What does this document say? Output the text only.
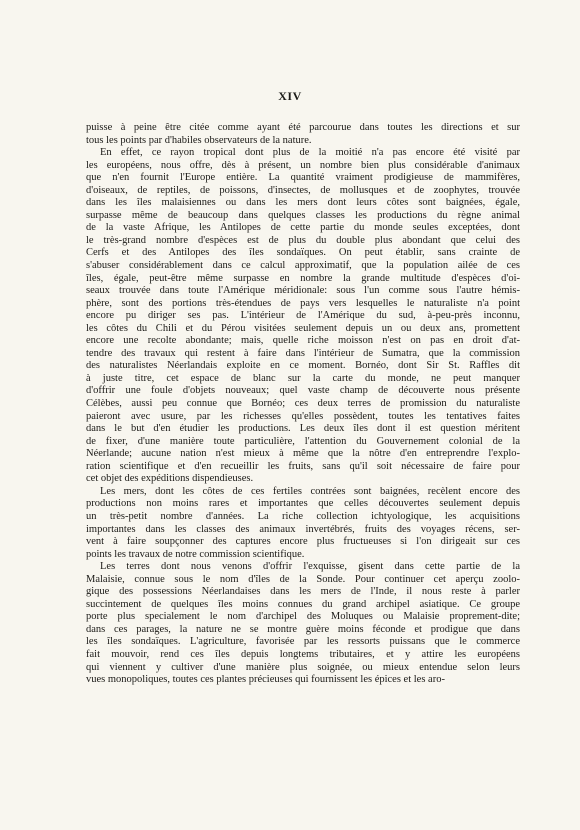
XIV
puisse à peine être citée comme ayant été parcourue dans toutes les directions et sur
tous les points par d'habiles observateurs de la nature.
En effet, ce rayon tropical dont plus de la moitié n'a pas encore été visité par
les européens, nous offre, dès à présent, un nombre bien plus considérable d'animaux
que n'en fournit l'Europe entière. La quantité vraiment prodigieuse de mammifères,
d'oiseaux, de reptiles, de poissons, d'insectes, de mollusques et de zoophytes, trouvée
dans les îles malaisiennes ou dans les mers dont leurs côtes sont baignées, égale,
surpasse même de beaucoup dans quelques classes les productions du règne animal
de la vaste Afrique, les Antilopes de cette partie du monde seules exceptées, dont
le très-grand nombre d'espèces est de plus du double plus abondant que celui des
Cerfs et des Antilopes des îles sondaïques. On peut établir, sans crainte de
s'abuser considérablement dans ce calcul approximatif, que la population ailée de ces
îles, égale, peut-être même surpasse en nombre la grande multitude d'espèces d'oi-
seaux trouvée dans toute l'Amérique méridionale: sous l'un comme sous l'autre hémis-
phère, sont des portions très-étendues de pays vers lesquelles le naturaliste n'a point
encore pu diriger ses pas. L'intérieur de l'Amérique du sud, à-peu-près inconnu,
les côtes du Chili et du Pérou visitées seulement depuis un ou deux ans, promettent
encore une recolte abondante; mais, quelle riche moisson n'est on pas en droit d'at-
tendre des travaux qui restent à faire dans l'intérieur de Sumatra, que la commission
des naturalistes Néerlandais exploite en ce moment. Bornéo, dont Sir St. Raffles dit
à juste titre, cet espace de blanc sur la carte du monde, ne peut manquer
d'offrir une foule d'objets nouveaux; quel vaste champ de découverte nous présente
Célèbes, aussi peu connue que Bornéo; ces deux terres de promission du naturaliste
paieront avec usure, par les richesses qu'elles possèdent, toutes les tentatives faites
dans le but d'en étudier les productions. Les deux îles dont il est question méritent
de fixer, d'une manière toute particulière, l'attention du Gouvernement colonial de la
Néerlande; aucune nation n'est mieux à même que la nôtre d'en entreprendre l'explo-
ration scientifique et d'en recueillir les fruits, sans qu'il soit nécessaire de faire pour
cet objet des expéditions dispendieuses.
Les mers, dont les côtes de ces fertiles contrées sont baignées, recèlent encore des
productions non moins rares et importantes que celles découvertes seulement depuis
un très-petit nombre d'années. La riche collection ichtyologique, les acquisitions
importantes dans les classes des animaux invertébrés, fruits des voyages récens, ser-
vent à faire soupçonner des captures encore plus fructueuses si l'on dirigeait sur ces
points les travaux de notre commission scientifique.
Les terres dont nous venons d'offrir l'exquisse, gisent dans cette partie de la
Malaisie, connue sous le nom d'îles de la Sonde. Pour continuer cet aperçu zoolo-
gique des possessions Néerlandaises dans les mers de l'Inde, il nous reste à parler
succintement de quelques îles moins connues du grand archipel asiatique. Ce groupe
porte plus specialement le nom d'archipel des Moluques ou Malaisie proprement-dite;
dans ces parages, la nature ne se montre guère moins féconde et prodigue que dans
les îles sondaïques. L'agriculture, favorisée par les ressorts puissans que le commerce
fait mouvoir, rend ces îles depuis longtems tributaires, et y attire les européens
qui viennent y cultiver d'une manière plus soignée, ou mieux entendue selon leurs
vues monopoliques, toutes ces plantes précieuses qui fournissent les épices et les aro-
